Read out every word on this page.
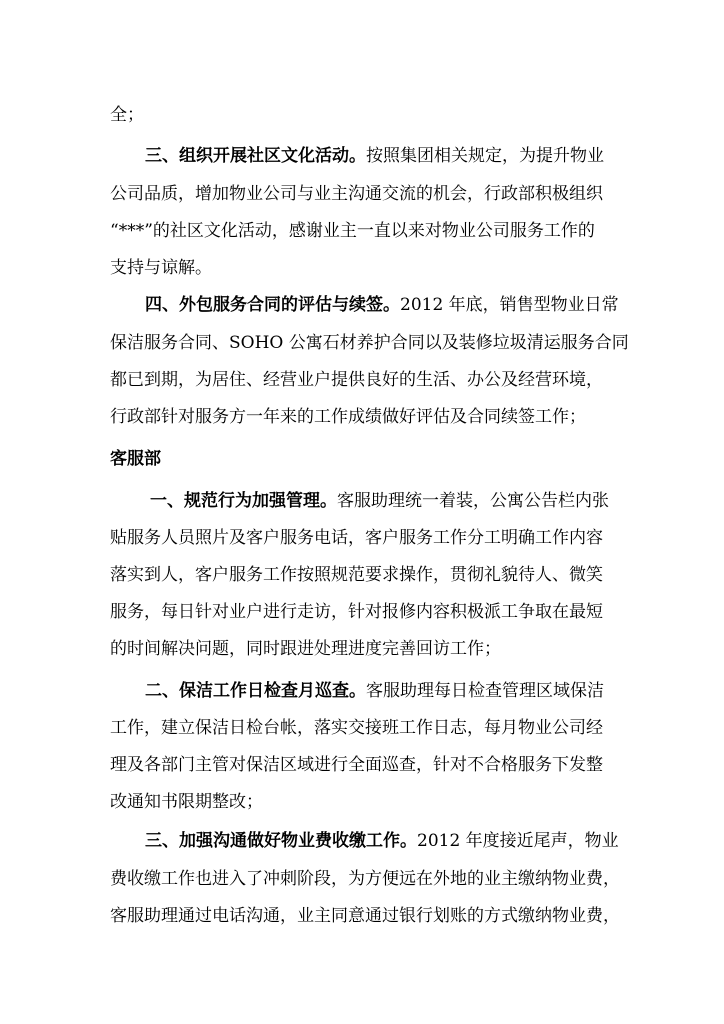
全；
三、组织开展社区文化活动。按照集团相关规定，为提升物业
公司品质，增加物业公司与业主沟通交流的机会，行政部积极组织
“***”的社区文化活动，感谢业主一直以来对物业公司服务工作的
支持与谅解。
四、外包服务合同的评估与续签。2012 年底，销售型物业日常
保洁服务合同、SOHO 公寓石材养护合同以及装修垃圾清运服务合同
都已到期，为居住、经营业户提供良好的生活、办公及经营环境，
行政部针对服务方一年来的工作成绩做好评估及合同续签工作；
客服部
一、规范行为加强管理。客服助理统一着装，公寓公告栏内张
贴服务人员照片及客户服务电话，客户服务工作分工明确工作内容
落实到人，客户服务工作按照规范要求操作，贯彻礼貌待人、微笑
服务，每日针对业户进行走访，针对报修内容积极派工争取在最短
的时间解决问题，同时跟进处理进度完善回访工作；
二、保洁工作日检查月巡查。客服助理每日检查管理区域保洁
工作，建立保洁日检台帐，落实交接班工作日志，每月物业公司经
理及各部门主管对保洁区域进行全面巡查，针对不合格服务下发整
改通知书限期整改；
三、加强沟通做好物业费收缴工作。2012 年度接近尾声，物业
费收缴工作也进入了冲刺阶段，为方便远在外地的业主缴纳物业费，
客服助理通过电话沟通，业主同意通过银行划账的方式缴纳物业费，
